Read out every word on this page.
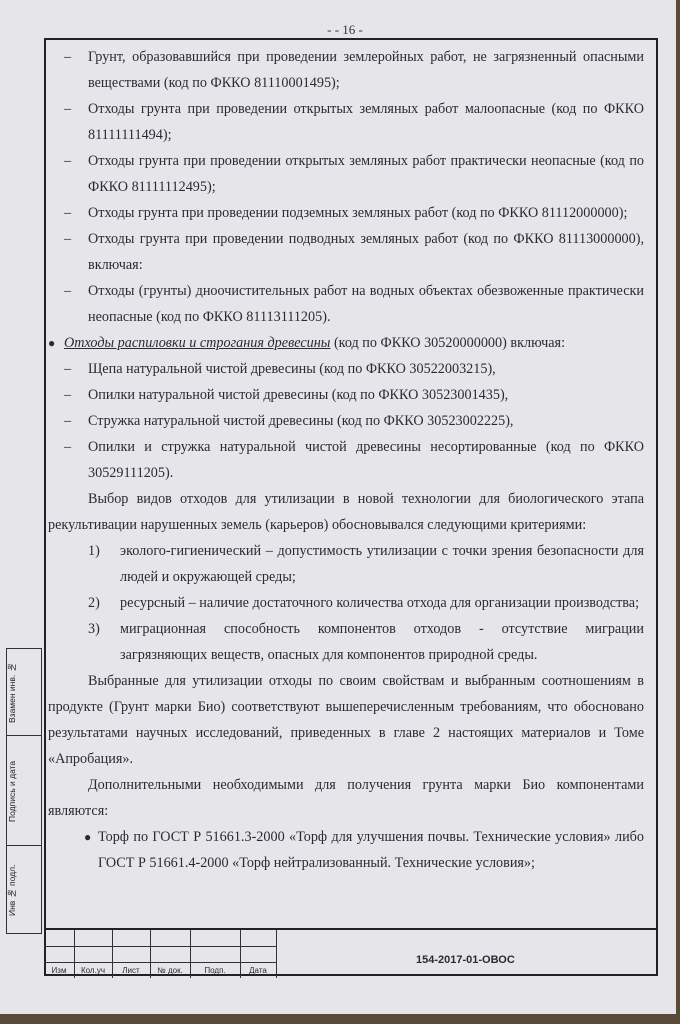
- - 16 -
– Грунт, образовавшийся при проведении землеройных работ, не загрязненный опасными веществами (код по ФККО 81110001495);
– Отходы грунта при проведении открытых земляных работ малоопасные (код по ФККО 81111111494);
– Отходы грунта при проведении открытых земляных работ практически неопасные (код по ФККО 81111112495);
– Отходы грунта при проведении подземных земляных работ (код по ФККО 81112000000);
– Отходы грунта при проведении подводных земляных работ (код по ФККО 81113000000), включая:
– Отходы (грунты) дноочистительных работ на водных объектах обезвоженные практически неопасные (код по ФККО 81113111205).
● Отходы распиловки и строгания древесины (код по ФККО 30520000000) включая:
– Щепа натуральной чистой древесины (код по ФККО 30522003215),
– Опилки натуральной чистой древесины (код по ФККО 30523001435),
– Стружка натуральной чистой древесины (код по ФККО 30523002225),
– Опилки и стружка натуральной чистой древесины несортированные (код по ФККО 30529111205).
Выбор видов отходов для утилизации в новой технологии для биологического этапа рекультивации нарушенных земель (карьеров) обосновывался следующими критериями:
1) эколого-гигиенический – допустимость утилизации с точки зрения безопасности для людей и окружающей среды;
2) ресурсный – наличие достаточного количества отхода для организации производства;
3) миграционная способность компонентов отходов - отсутствие миграции загрязняющих веществ, опасных для компонентов природной среды.
Выбранные для утилизации отходы по своим свойствам и выбранным соотношениям в продукте (Грунт марки Био) соответствуют вышеперечисленным требованиям, что обосновано результатами научных исследований, приведенных в главе 2 настоящих материалов и Томе «Апробация».
Дополнительными необходимыми для получения грунта марки Био компонентами являются:
● Торф по ГОСТ Р 51661.3-2000 «Торф для улучшения почвы. Технические условия» либо ГОСТ Р 51661.4-2000 «Торф нейтрализованный. Технические условия»;
Взамен инв. №
Подпись и дата
Инв № подл.
Изм	Кол.уч	Лист	№ док.	Подп.	Дата
154-2017-01-ОВОС
